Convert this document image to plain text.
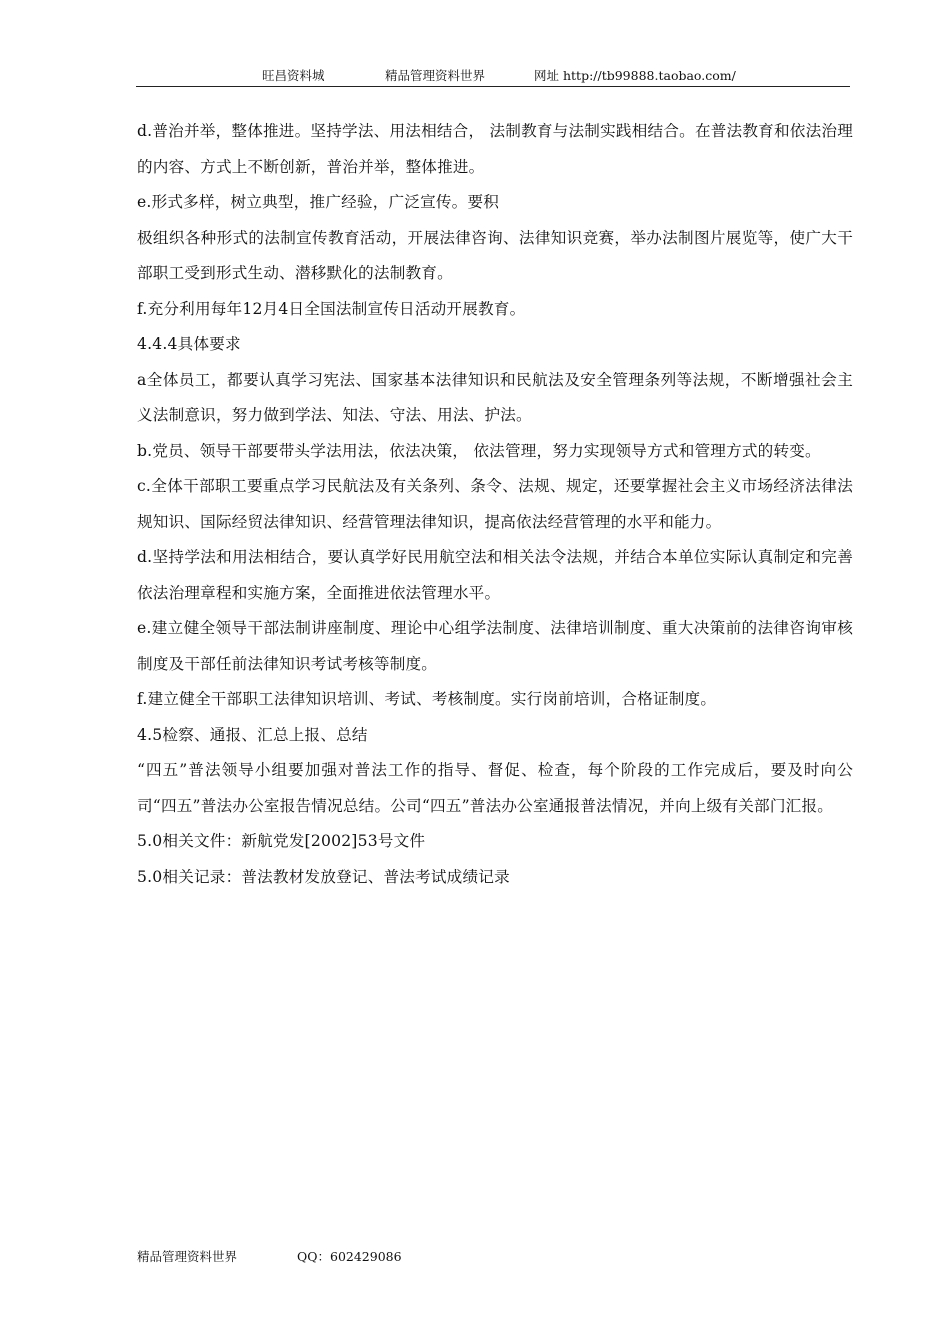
旺昌资料城	精品管理资料世界	网址 http://tb99888.taobao.com/

d.普治并举，整体推进。坚持学法、用法相结合， 法制教育与法制实践相结合。在普法教育和依法治理的内容、方式上不断创新，普治并举，整体推进。

e.形式多样，树立典型，推广经验，广泛宣传。要积

极组织各种形式的法制宣传教育活动，开展法律咨询、法律知识竞赛，举办法制图片展览等，使广大干部职工受到形式生动、潜移默化的法制教育。

f.充分利用每年12月4日全国法制宣传日活动开展教育。

4.4.4具体要求

a全体员工，都要认真学习宪法、国家基本法律知识和民航法及安全管理条列等法规，不断增强社会主义法制意识，努力做到学法、知法、守法、用法、护法。

b.党员、领导干部要带头学法用法，依法决策， 依法管理，努力实现领导方式和管理方式的转变。

c.全体干部职工要重点学习民航法及有关条列、条令、法规、规定，还要掌握社会主义市场经济法律法规知识、国际经贸法律知识、经营管理法律知识，提高依法经营管理的水平和能力。

d.坚持学法和用法相结合，要认真学好民用航空法和相关法令法规，并结合本单位实际认真制定和完善依法治理章程和实施方案，全面推进依法管理水平。

e.建立健全领导干部法制讲座制度、理论中心组学法制度、法律培训制度、重大决策前的法律咨询审核制度及干部任前法律知识考试考核等制度。

f.建立健全干部职工法律知识培训、考试、考核制度。实行岗前培训，合格证制度。

4.5检察、通报、汇总上报、总结

“四五”普法领导小组要加强对普法工作的指导、督促、检查，每个阶段的工作完成后，要及时向公司“四五”普法办公室报告情况总结。公司“四五”普法办公室通报普法情况，并向上级有关部门汇报。

5.0相关文件：新航党发[2002]53号文件

5.0相关记录：普法教材发放登记、普法考试成绩记录

精品管理资料世界	QQ：602429086
